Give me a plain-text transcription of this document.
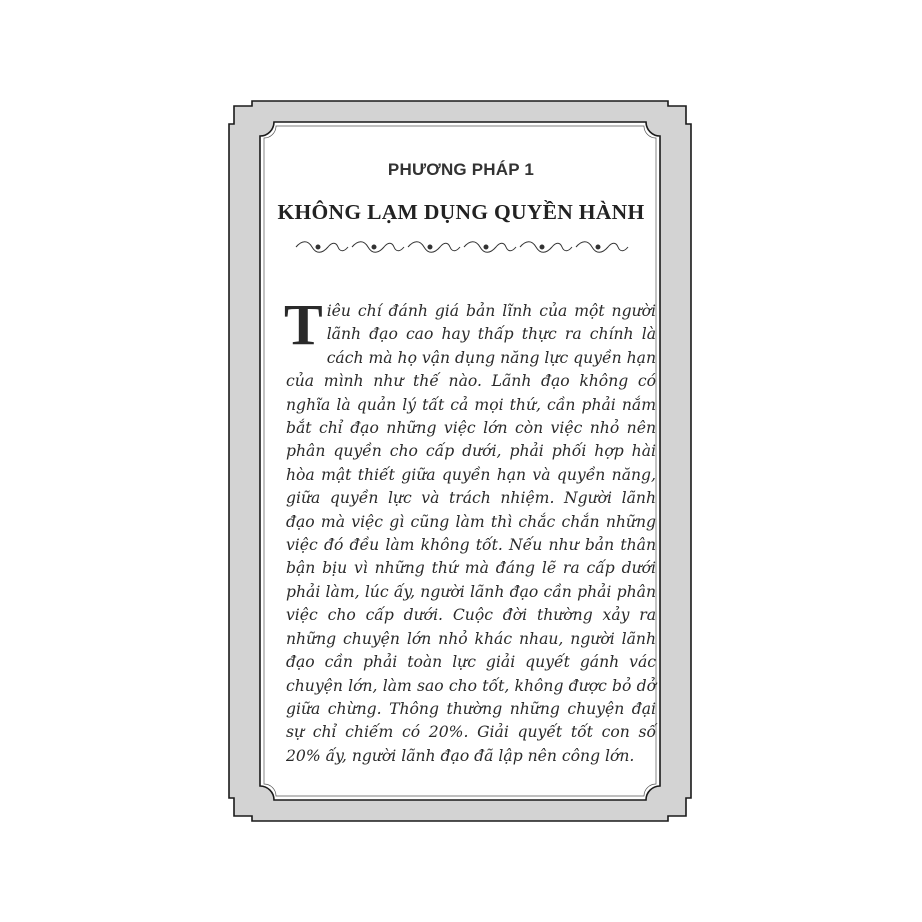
PHƯƠNG PHÁP 1
KHÔNG LẠM DỤNG QUYỀN HÀNH

Tiêu chí đánh giá bản lĩnh của một người lãnh đạo cao hay thấp thực ra chính là cách mà họ vận dụng năng lực quyền hạn của mình như thế nào. Lãnh đạo không có nghĩa là quản lý tất cả mọi thứ, cần phải nắm bắt chỉ đạo những việc lớn còn việc nhỏ nên phân quyền cho cấp dưới, phải phối hợp hài hòa mật thiết giữa quyền hạn và quyền năng, giữa quyền lực và trách nhiệm. Người lãnh đạo mà việc gì cũng làm thì chắc chắn những việc đó đều làm không tốt. Nếu như bản thân bận bịu vì những thứ mà đáng lẽ ra cấp dưới phải làm, lúc ấy, người lãnh đạo cần phải phân việc cho cấp dưới. Cuộc đời thường xảy ra những chuyện lớn nhỏ khác nhau, người lãnh đạo cần phải toàn lực giải quyết gánh vác chuyện lớn, làm sao cho tốt, không được bỏ dở giữa chừng. Thông thường những chuyện đại sự chỉ chiếm có 20%. Giải quyết tốt con số 20% ấy, người lãnh đạo đã lập nên công lớn.
